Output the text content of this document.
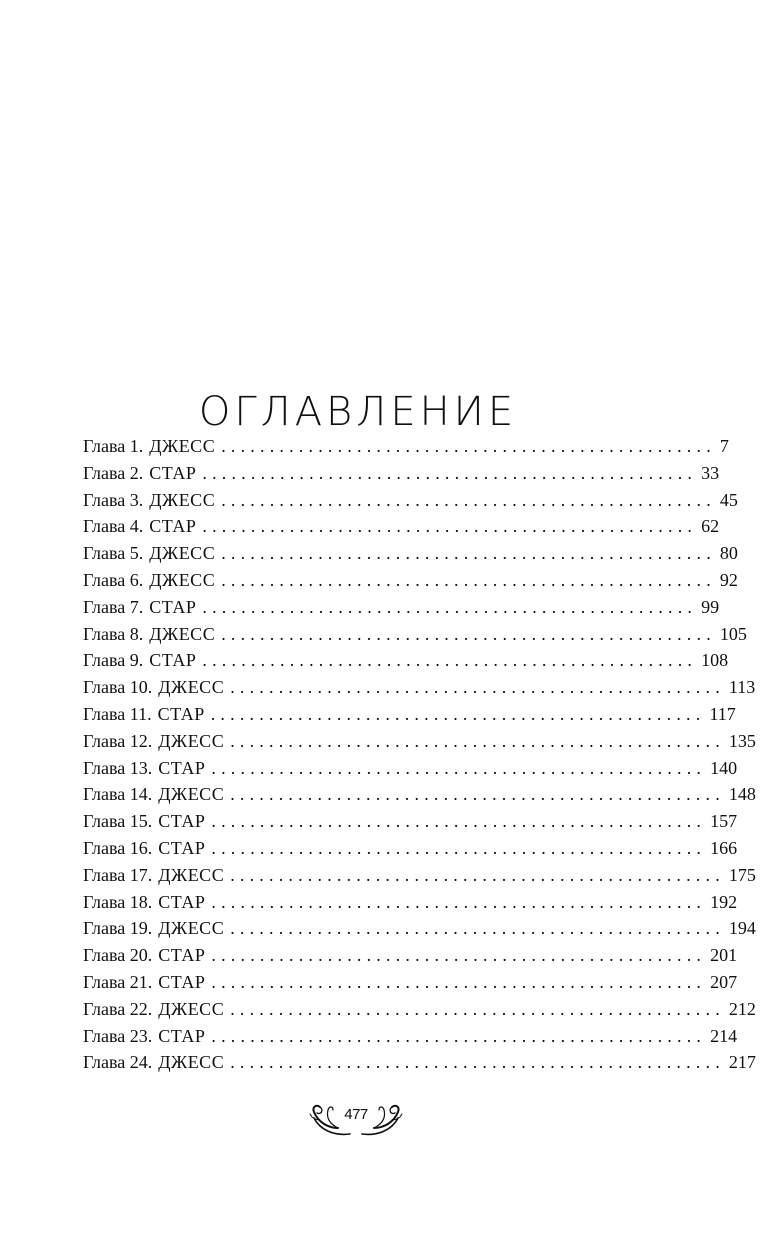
ОГЛАВЛЕНИЕ
Глава 1. ДЖЕСС ................................................... 7
Глава 2. СТАР ................................................... 33
Глава 3. ДЖЕСС ................................................... 45
Глава 4. СТАР ................................................... 62
Глава 5. ДЖЕСС ................................................... 80
Глава 6. ДЖЕСС ................................................... 92
Глава 7. СТАР ................................................... 99
Глава 8. ДЖЕСС ................................................... 105
Глава 9. СТАР ................................................... 108
Глава 10. ДЖЕСС ................................................... 113
Глава 11. СТАР ................................................... 117
Глава 12. ДЖЕСС ................................................... 135
Глава 13. СТАР ................................................... 140
Глава 14. ДЖЕСС ................................................... 148
Глава 15. СТАР ................................................... 157
Глава 16. СТАР ................................................... 166
Глава 17. ДЖЕСС ................................................... 175
Глава 18. СТАР ................................................... 192
Глава 19. ДЖЕСС ................................................... 194
Глава 20. СТАР ................................................... 201
Глава 21. СТАР ................................................... 207
Глава 22. ДЖЕСС ................................................... 212
Глава 23. СТАР ................................................... 214
Глава 24. ДЖЕСС ................................................... 217
477
